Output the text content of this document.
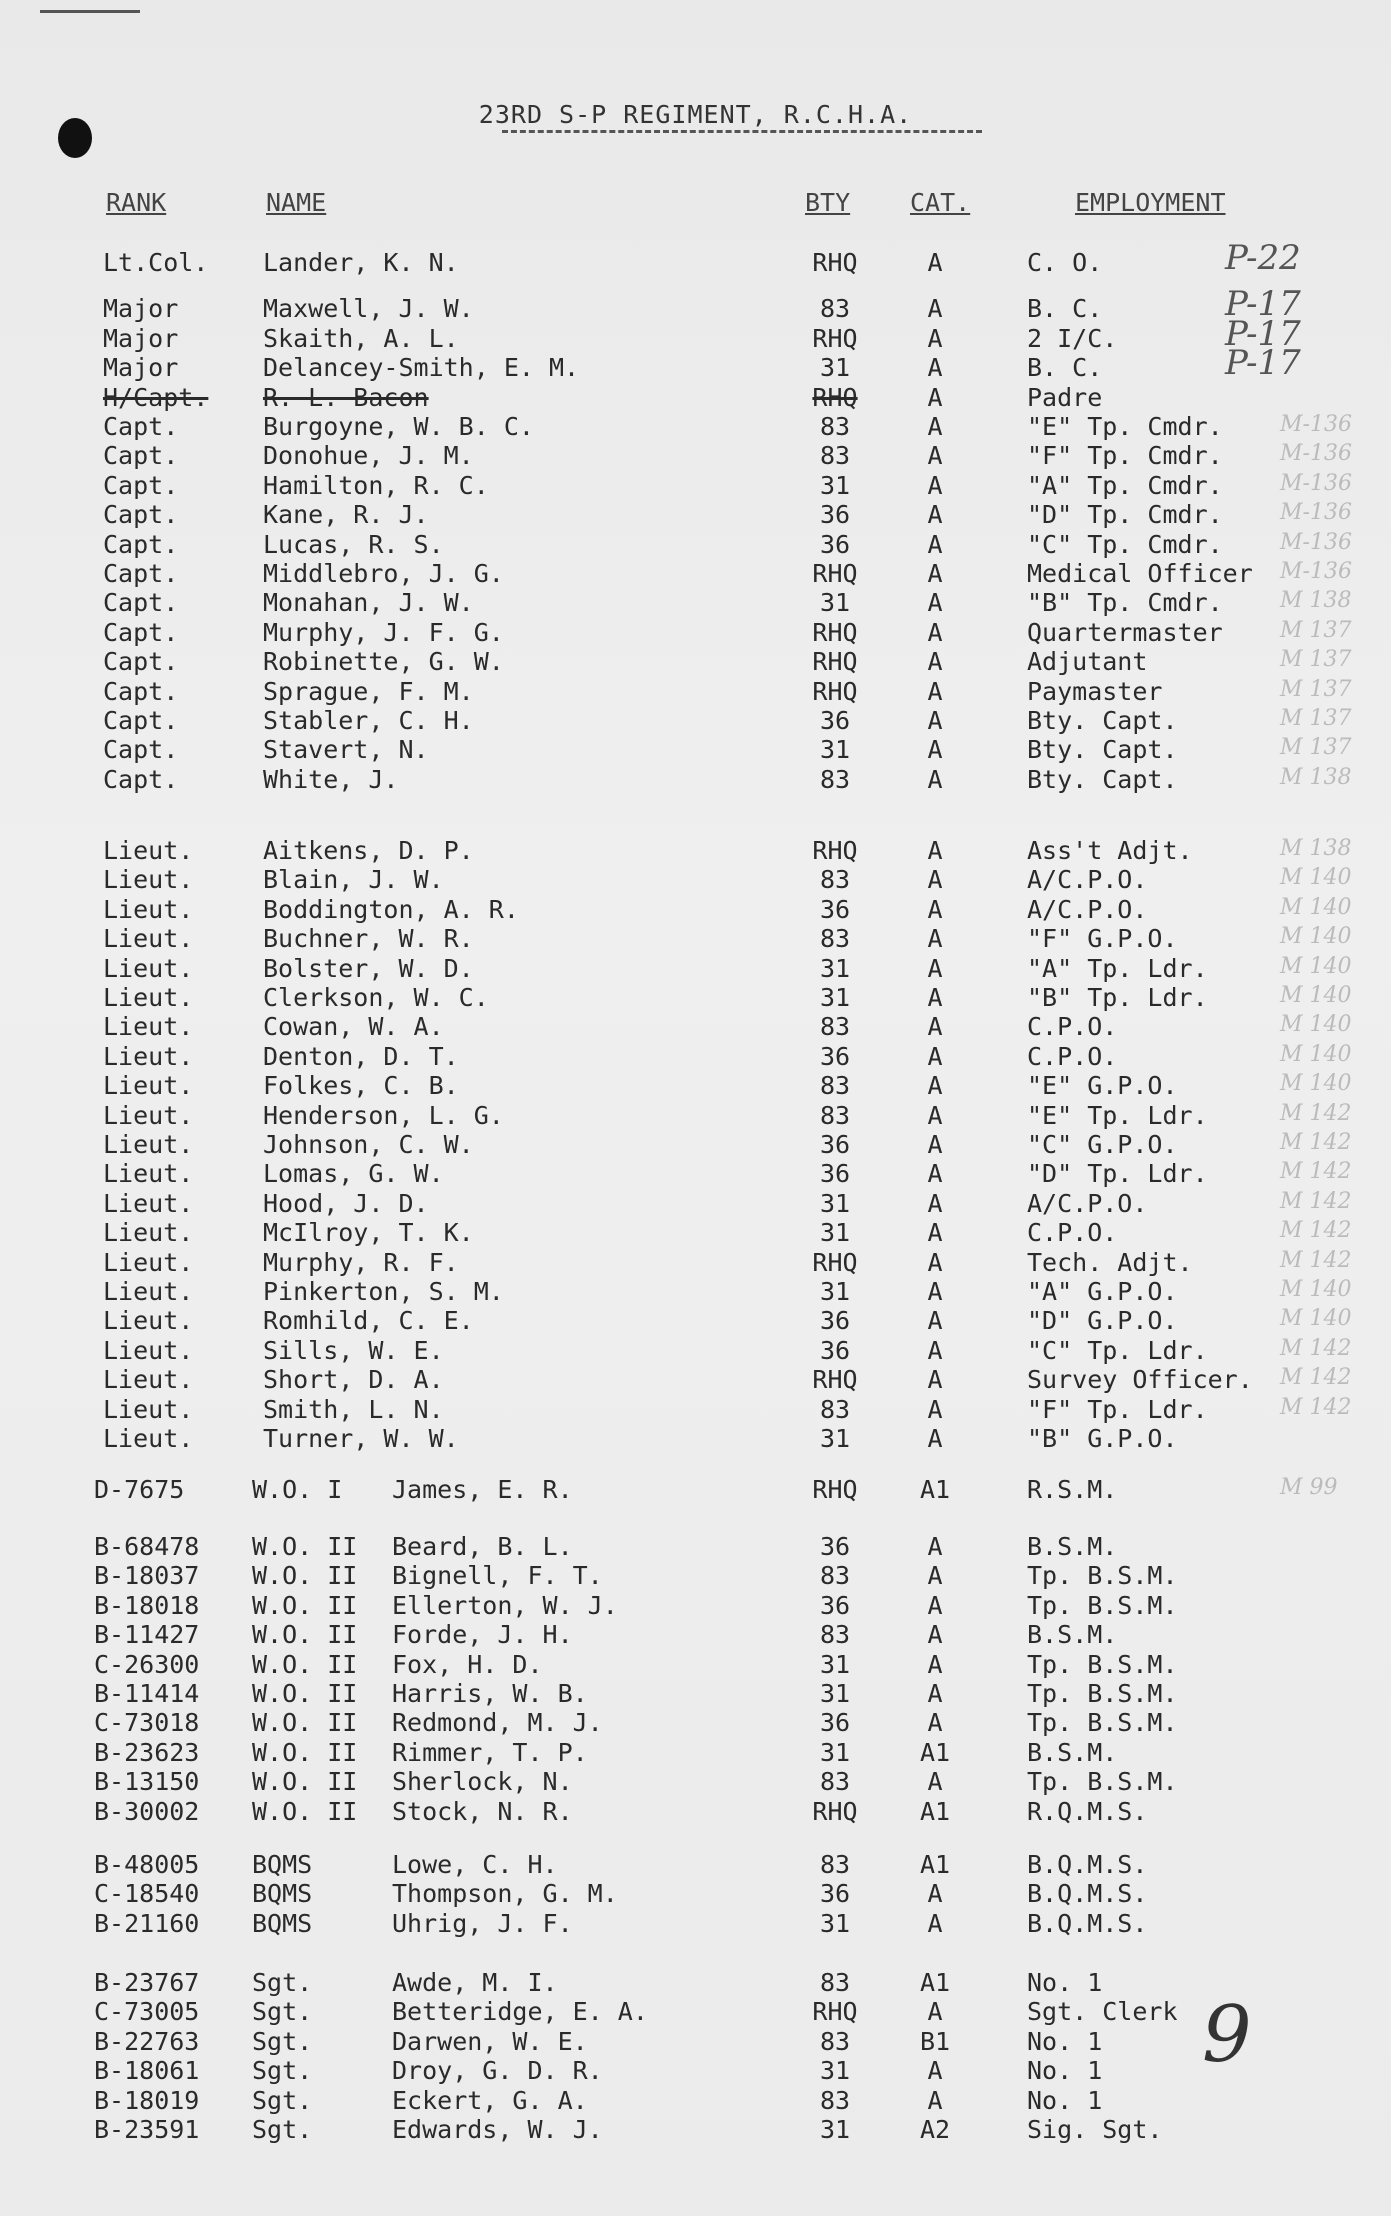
23RD S-P REGIMENT, R.C.H.A.
RANK	NAME	BTY CAT.	EMPLOYMENT
Lt.Col. Lander, K. N.	RHQ	A	C. O.	P-22
Major	Maxwell, J. W.	83	A	B. C.	P-17
Major	Skaith, A. L.	RHQ	A	2 I/C.	P-17
Major	Delancey-Smith, E. M.	31	A	B. C.	P-17
H/Capt. R. L. Bacon	RHQ	A	Padre
Capt.	Burgoyne, W. B. C.	83	A	"E" Tp. Cmdr.	M-136
Capt.	Donohue, J. M.	83	A	"F" Tp. Cmdr.	M-136
Capt.	Hamilton, R. C.	31	A	"A" Tp. Cmdr.	M-136
Capt.	Kane, R. J.	36	A	"D" Tp. Cmdr.	M-136
Capt.	Lucas, R. S.	36	A	"C" Tp. Cmdr.	M-136
Capt.	Middlebro, J. G.	RHQ	A	Medical Officer M-136
Capt.	Monahan, J. W.	31	A	"B" Tp. Cmdr.	M 138
Capt.	Murphy, J. F. G.	RHQ	A	Quartermaster	M 137
Capt.	Robinette, G. W.	RHQ	A	Adjutant	M 137
Capt.	Sprague, F. M.	RHQ	A	Paymaster	M 137
Capt.	Stabler, C. H.	36	A	Bty. Capt.	M 137
Capt.	Stavert, N.	31	A	Bty. Capt.	M 137
Capt.	White, J.	83	A	Bty. Capt.	M 138
Lieut.	Aitkens, D. P.	RHQ	A	Ass't Adjt.	M 138
Lieut.	Blain, J. W.	83	A	A/C.P.O.	M 140
Lieut.	Boddington, A. R.	36	A	A/C.P.O.	M 140
Lieut.	Buchner, W. R.	83	A	"F" G.P.O.	M 140
Lieut.	Bolster, W. D.	31	A	"A" Tp. Ldr.	M 140
Lieut.	Clerkson, W. C.	31	A	"B" Tp. Ldr.	M 140
Lieut.	Cowan, W. A.	83	A	C.P.O.	M 140
Lieut.	Denton, D. T.	36	A	C.P.O.	M 140
Lieut.	Folkes, C. B.	83	A	"E" G.P.O.	M 140
Lieut.	Henderson, L. G.	83	A	"E" Tp. Ldr.	M 142
Lieut.	Johnson, C. W.	36	A	"C" G.P.O.	M 142
Lieut.	Lomas, G. W.	36	A	"D" Tp. Ldr.	M 142
Lieut.	Hood, J. D.	31	A	A/C.P.O.	M 142
Lieut.	McIlroy, T. K.	31	A	C.P.O.	M 142
Lieut.	Murphy, R. F.	RHQ	A	Tech. Adjt.	M 142
Lieut.	Pinkerton, S. M.	31	A	"A" G.P.O.	M 140
Lieut.	Romhild, C. E.	36	A	"D" G.P.O.	M 140
Lieut.	Sills, W. E.	36	A	"C" Tp. Ldr.	M 142
Lieut.	Short, D. A.	RHQ	A	Survey Officer. M 142
Lieut.	Smith, L. N.	83	A	"F" Tp. Ldr.	M 142
Lieut.	Turner, W. W.	31	A	"B" G.P.O.
D-7675	W.O. I James, E. R.	RHQ	A1	R.S.M.	M 99
B-68478 W.O. II Beard, B. L.	36	A	B.S.M.
B-18037 W.O. II Bignell, F. T.	83	A	Tp. B.S.M.
B-18018 W.O. II Ellerton, W. J.	36	A	Tp. B.S.M.
B-11427 W.O. II Forde, J. H.	83	A	B.S.M.
C-26300 W.O. II Fox, H. D.	31	A	Tp. B.S.M.
B-11414 W.O. II Harris, W. B.	31	A	Tp. B.S.M.
C-73018 W.O. II Redmond, M. J.	36	A	Tp. B.S.M.
B-23623 W.O. II Rimmer, T. P.	31	A1	B.S.M.
B-13150 W.O. II Sherlock, N.	83	A	Tp. B.S.M.
B-30002 W.O. II Stock, N. R.	RHQ	A1	R.Q.M.S.
B-48005 BQMS	Lowe, C. H.	83	A1	B.Q.M.S.
C-18540 BQMS	Thompson, G. M.	36	A	B.Q.M.S.
B-21160 BQMS	Uhrig, J. F.	31	A	B.Q.M.S.
B-23767 Sgt.	Awde, M. I.	83	A1	No. 1
C-73005 Sgt.	Betteridge, E. A.	RHQ	A	Sgt. Clerk
B-22763 Sgt.	Darwen, W. E.	83	B1	No. 1
B-18061 Sgt.	Droy, G. D. R.	31	A	No. 1
B-18019 Sgt.	Eckert, G. A.	83	A	No. 1
B-23591 Sgt.	Edwards, W. J.	31	A2	Sig. Sgt.
9
